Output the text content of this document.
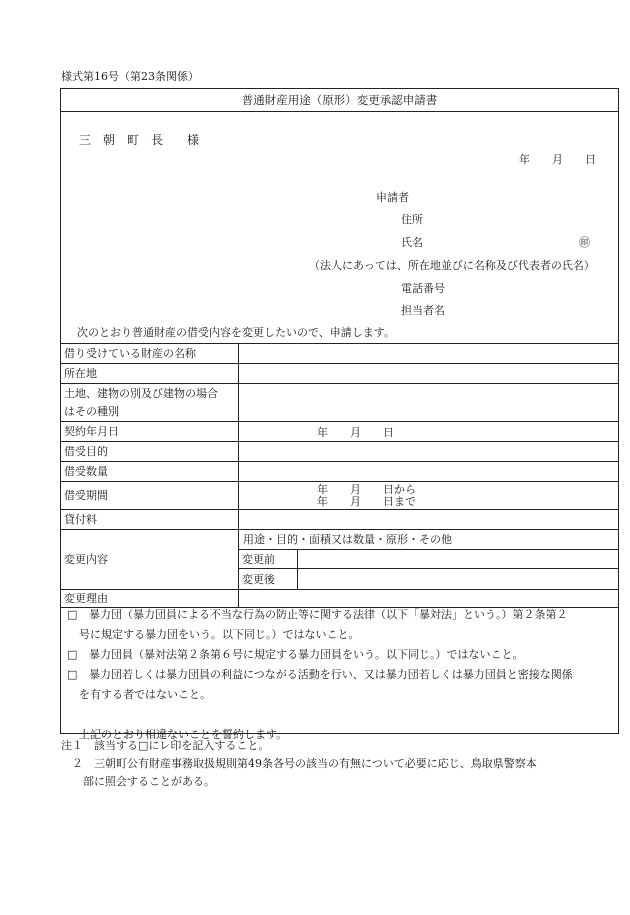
様式第16号（第23条関係）
普通財産用途（原形）変更承認申請書
三　朝　町　長　　様
年　　月　　日
申請者
住所
氏名	㊞
（法人にあっては、所在地並びに名称及び代表者の氏名）
電話番号
担当者名
次のとおり普通財産の借受内容を変更したいので、申請します。
借り受けている財産の名称
所在地
土地、建物の別及び建物の場合
はその種別
契約年月日	年　　月　　日
借受目的
借受数量
借受期間	年　　月　　日から
年　　月　　日まで
貸付料
変更内容
用途・目的・面積又は数量・原形・その他
変更前
変更後
変更理由
□	暴力団（暴力団員による不当な行為の防止等に関する法律（以下「暴対法」という。）第２条第２
号に規定する暴力団をいう。以下同じ。）ではないこと。
□	暴力団員（暴対法第２条第６号に規定する暴力団員をいう。以下同じ。）ではないこと。
□	暴力団若しくは暴力団員の利益につながる活動を行い、又は暴力団若しくは暴力団員と密接な関係
を有する者ではないこと。
上記のとおり相違ないことを誓約します。
注１　該当する□にレ印を記入すること。
　２　三朝町公有財産事務取扱規則第49条各号の該当の有無について必要に応じ、鳥取県警察本
　　部に照会することがある。
